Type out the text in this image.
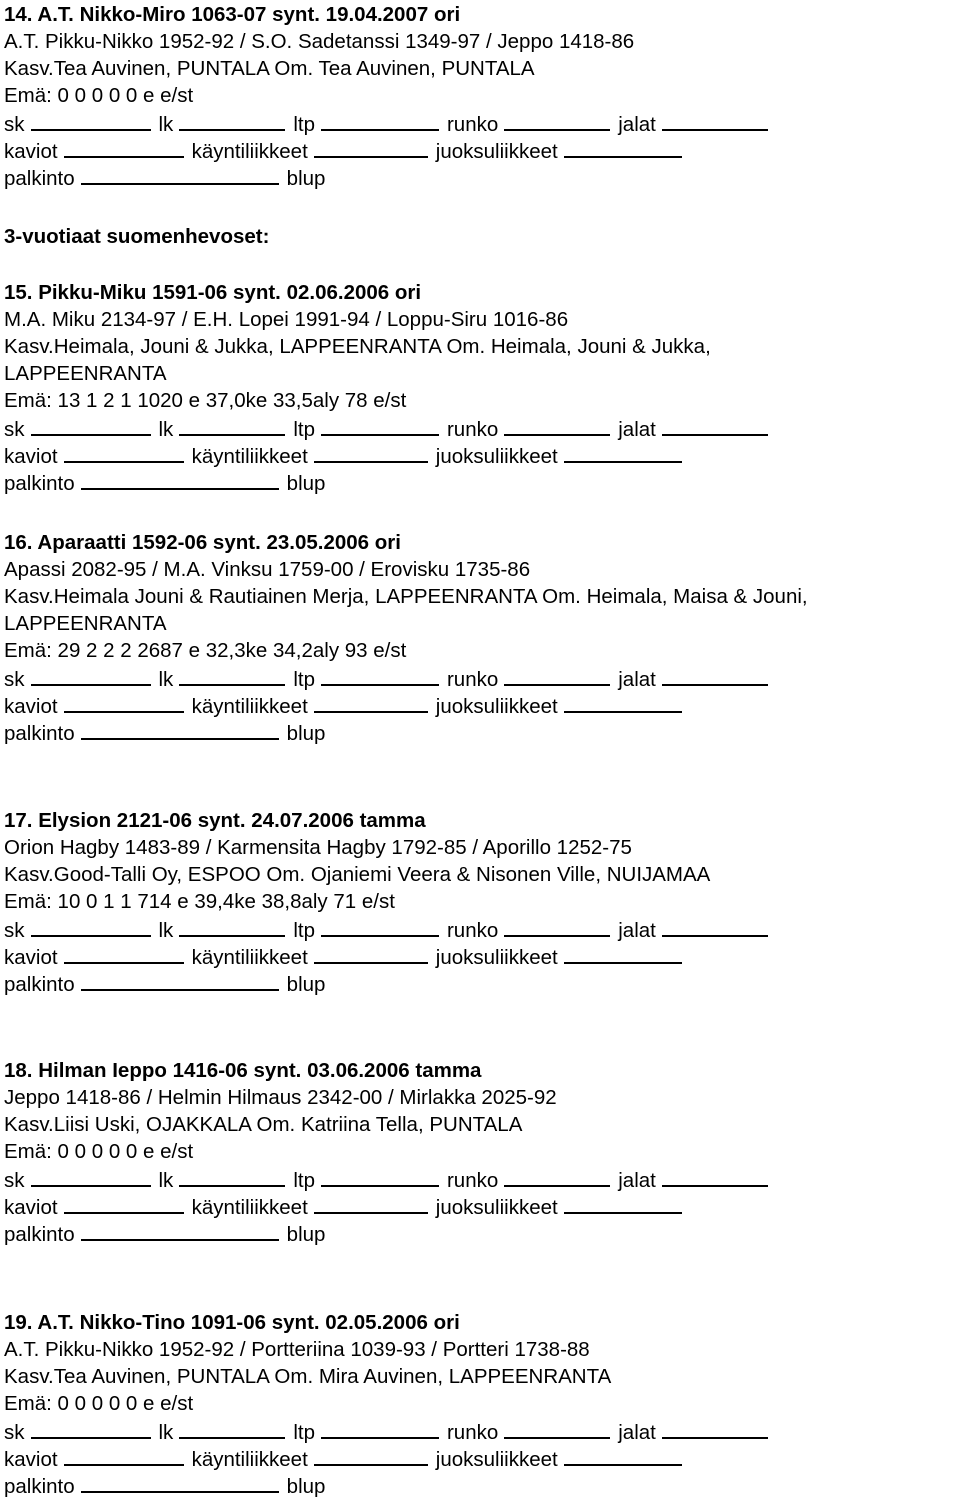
14. A.T. Nikko-Miro 1063-07 synt. 19.04.2007 ori
A.T. Pikku-Nikko 1952-92 / S.O. Sadetanssi 1349-97 / Jeppo 1418-86
Kasv.Tea Auvinen, PUNTALA Om. Tea Auvinen, PUNTALA
Emä: 0 0 0 0 0 e e/st
sk	lk	ltp	runko	jalat
kaviot	käyntiliikkeet	juoksuliikkeet
palkinto	blup
3-vuotiaat suomenhevoset:
15. Pikku-Miku 1591-06 synt. 02.06.2006 ori
M.A. Miku 2134-97 / E.H. Lopei 1991-94 / Loppu-Siru 1016-86
Kasv.Heimala, Jouni & Jukka, LAPPEENRANTA Om. Heimala, Jouni & Jukka,
LAPPEENRANTA
Emä: 13 1 2 1 1020 e 37,0ke 33,5aly 78 e/st
sk	lk	ltp	runko	jalat
kaviot	käyntiliikkeet	juoksuliikkeet
palkinto	blup
16. Aparaatti 1592-06 synt. 23.05.2006 ori
Apassi 2082-95 / M.A. Vinksu 1759-00 / Erovisku 1735-86
Kasv.Heimala Jouni & Rautiainen Merja, LAPPEENRANTA Om. Heimala, Maisa & Jouni,
LAPPEENRANTA
Emä: 29 2 2 2 2687 e 32,3ke 34,2aly 93 e/st
sk	lk	ltp	runko	jalat
kaviot	käyntiliikkeet	juoksuliikkeet
palkinto	blup
17. Elysion 2121-06 synt. 24.07.2006 tamma
Orion Hagby 1483-89 / Karmensita Hagby 1792-85 / Aporillo 1252-75
Kasv.Good-Talli Oy, ESPOO Om. Ojaniemi Veera & Nisonen Ville, NUIJAMAA
Emä: 10 0 1 1 714 e 39,4ke 38,8aly 71 e/st
sk	lk	ltp	runko	jalat
kaviot	käyntiliikkeet	juoksuliikkeet
palkinto	blup
18. Hilman Ieppo 1416-06 synt. 03.06.2006 tamma
Jeppo 1418-86 / Helmin Hilmaus 2342-00 / Mirlakka 2025-92
Kasv.Liisi Uski, OJAKKALA Om. Katriina Tella, PUNTALA
Emä: 0 0 0 0 0 e e/st
sk	lk	ltp	runko	jalat
kaviot	käyntiliikkeet	juoksuliikkeet
palkinto	blup
19. A.T. Nikko-Tino 1091-06 synt. 02.05.2006 ori
A.T. Pikku-Nikko 1952-92 / Portteriina 1039-93 / Portteri 1738-88
Kasv.Tea Auvinen, PUNTALA Om. Mira Auvinen, LAPPEENRANTA
Emä: 0 0 0 0 0 e e/st
sk	lk	ltp	runko	jalat
kaviot	käyntiliikkeet	juoksuliikkeet
palkinto	blup
